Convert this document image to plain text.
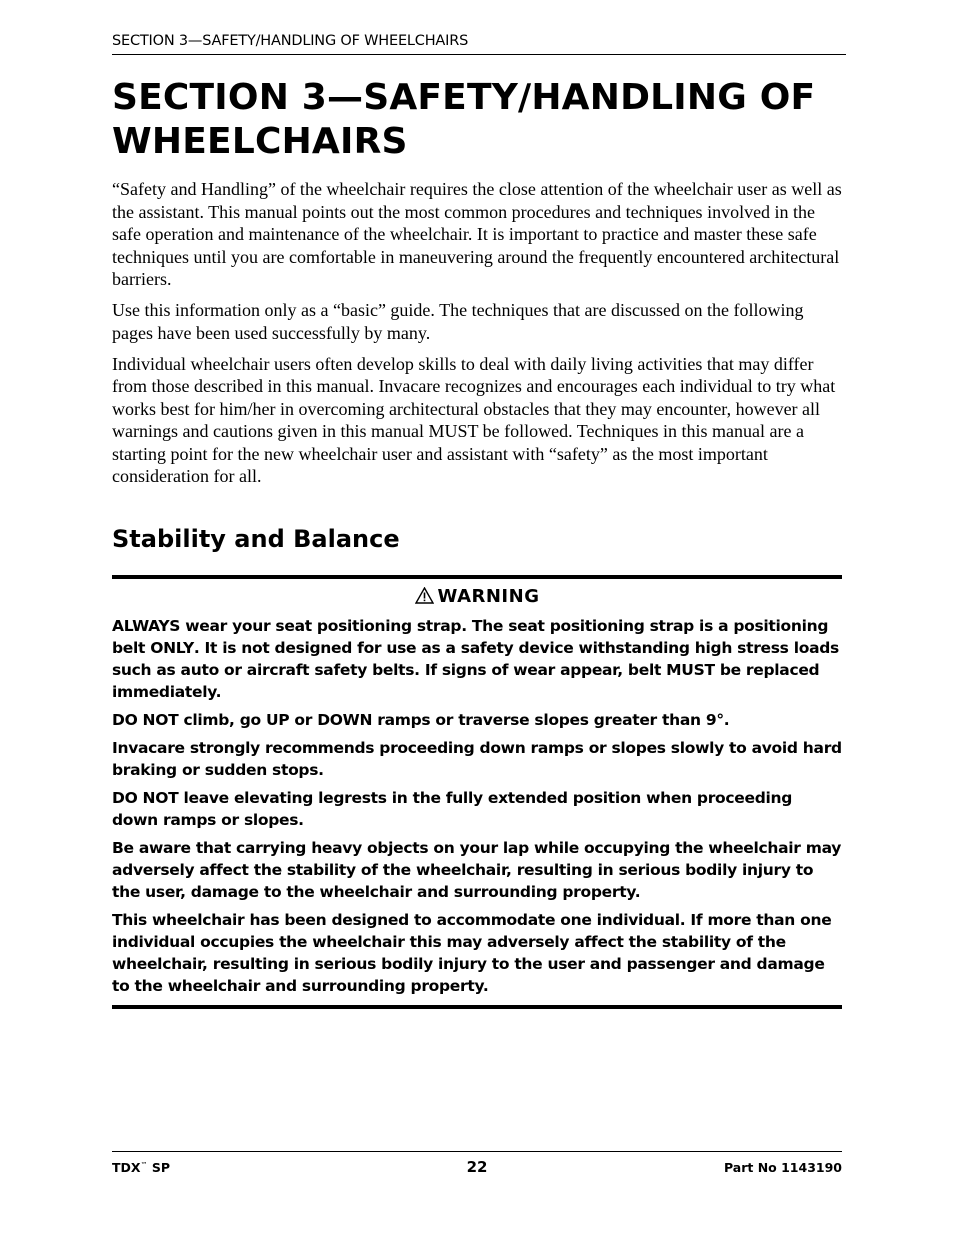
SECTION 3—SAFETY/HANDLING OF WHEELCHAIRS
SECTION 3—SAFETY/HANDLING OF WHEELCHAIRS

“Safety and Handling” of the wheelchair requires the close attention of the wheelchair user as well as the assistant. This manual points out the most common procedures and techniques involved in the safe operation and maintenance of the wheelchair. It is important to practice and master these safe techniques until you are comfortable in maneuvering around the frequently encountered architectural barriers.

Use this information only as a “basic” guide. The techniques that are discussed on the following pages have been used successfully by many.

Individual wheelchair users often develop skills to deal with daily living activities that may differ from those described in this manual. Invacare recognizes and encourages each individual to try what works best for him/her in overcoming architectural obstacles that they may encounter, however all warnings and cautions given in this manual MUST be followed. Techniques in this manual are a starting point for the new wheelchair user and assistant with “safety” as the most important consideration for all.

Stability and Balance
WARNING

ALWAYS wear your seat positioning strap. The seat positioning strap is a positioning belt ONLY. It is not designed for use as a safety device withstanding high stress loads such as auto or aircraft safety belts. If signs of wear appear, belt MUST be replaced immediately.

DO NOT climb, go UP or DOWN ramps or traverse slopes greater than 9°.

Invacare strongly recommends proceeding down ramps or slopes slowly to avoid hard braking or sudden stops.

DO NOT leave elevating legrests in the fully extended position when proceeding down ramps or slopes.

Be aware that carrying heavy objects on your lap while occupying the wheelchair may adversely affect the stability of the wheelchair, resulting in serious bodily injury to the user, damage to the wheelchair and surrounding property.

This wheelchair has been designed to accommodate one individual. If more than one individual occupies the wheelchair this may adversely affect the stability of the wheelchair, resulting in serious bodily injury to the user and passenger and damage to the wheelchair and surrounding property.

TDX™ SP	22	Part No 1143190
